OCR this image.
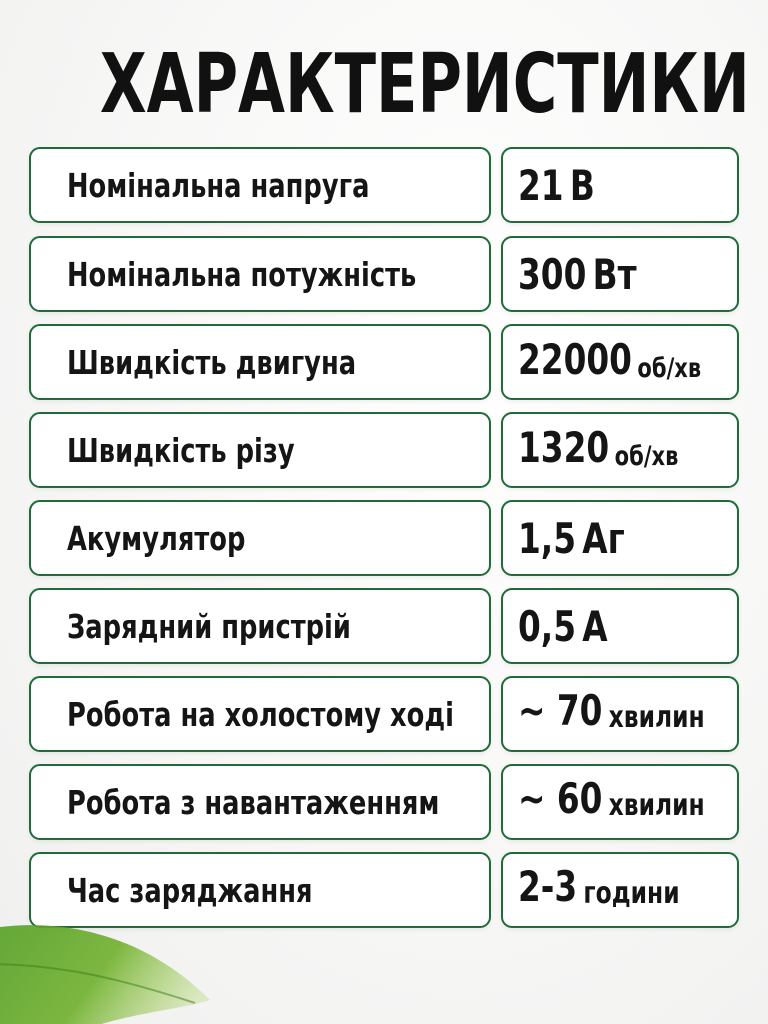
ХАРАКТЕРИСТИКИ
Номінальна напруга	21 В
Номінальна потужність 300 Вт
Швидкість двигуна	22000 об/хв
Швидкість різу	1320 об/хв
Акумулятор	1,5 Аг
Зарядний пристрій	0,5 А
Робота на холостому ході ~ 70 хвилин
Робота з навантаженням ~ 60 хвилин
Час заряджання	2-3 години
